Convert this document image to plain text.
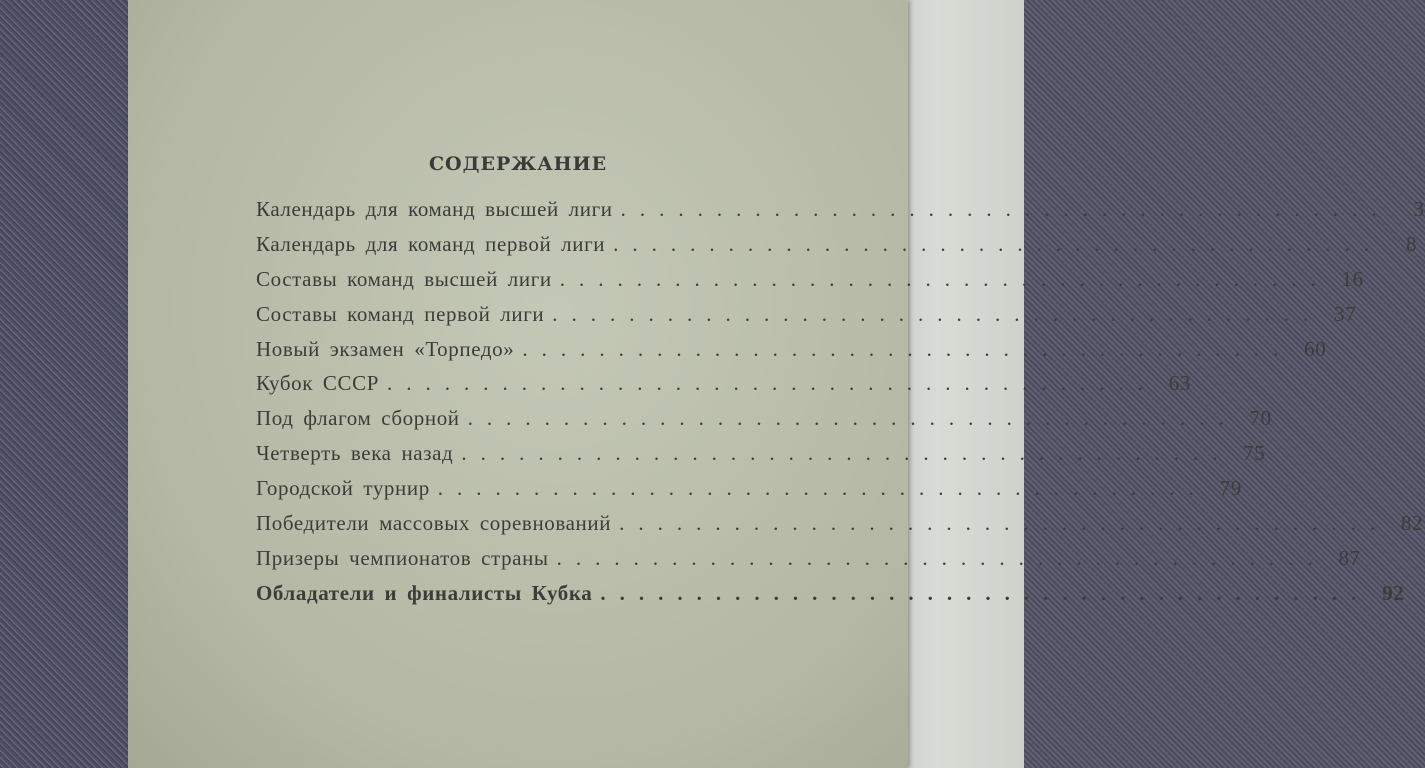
СОДЕРЖАНИЕ
Календарь для команд высшей лиги ........................................	3
Календарь для команд первой лиги ........................................	8
Составы команд высшей лиги ........................................ 16
Составы команд первой лиги ........................................ 37
Новый экзамен «Торпедо» ........................................ 60
Кубок СССР ........................................ 63
Под флагом сборной ........................................ 70
Четверть века назад ........................................ 75
Городской турнир ........................................ 79
Победители массовых соревнований ........................................ 82
Призеры чемпионатов страны ........................................ 87
Обладатели и финалисты Кубка ........................................ 92
